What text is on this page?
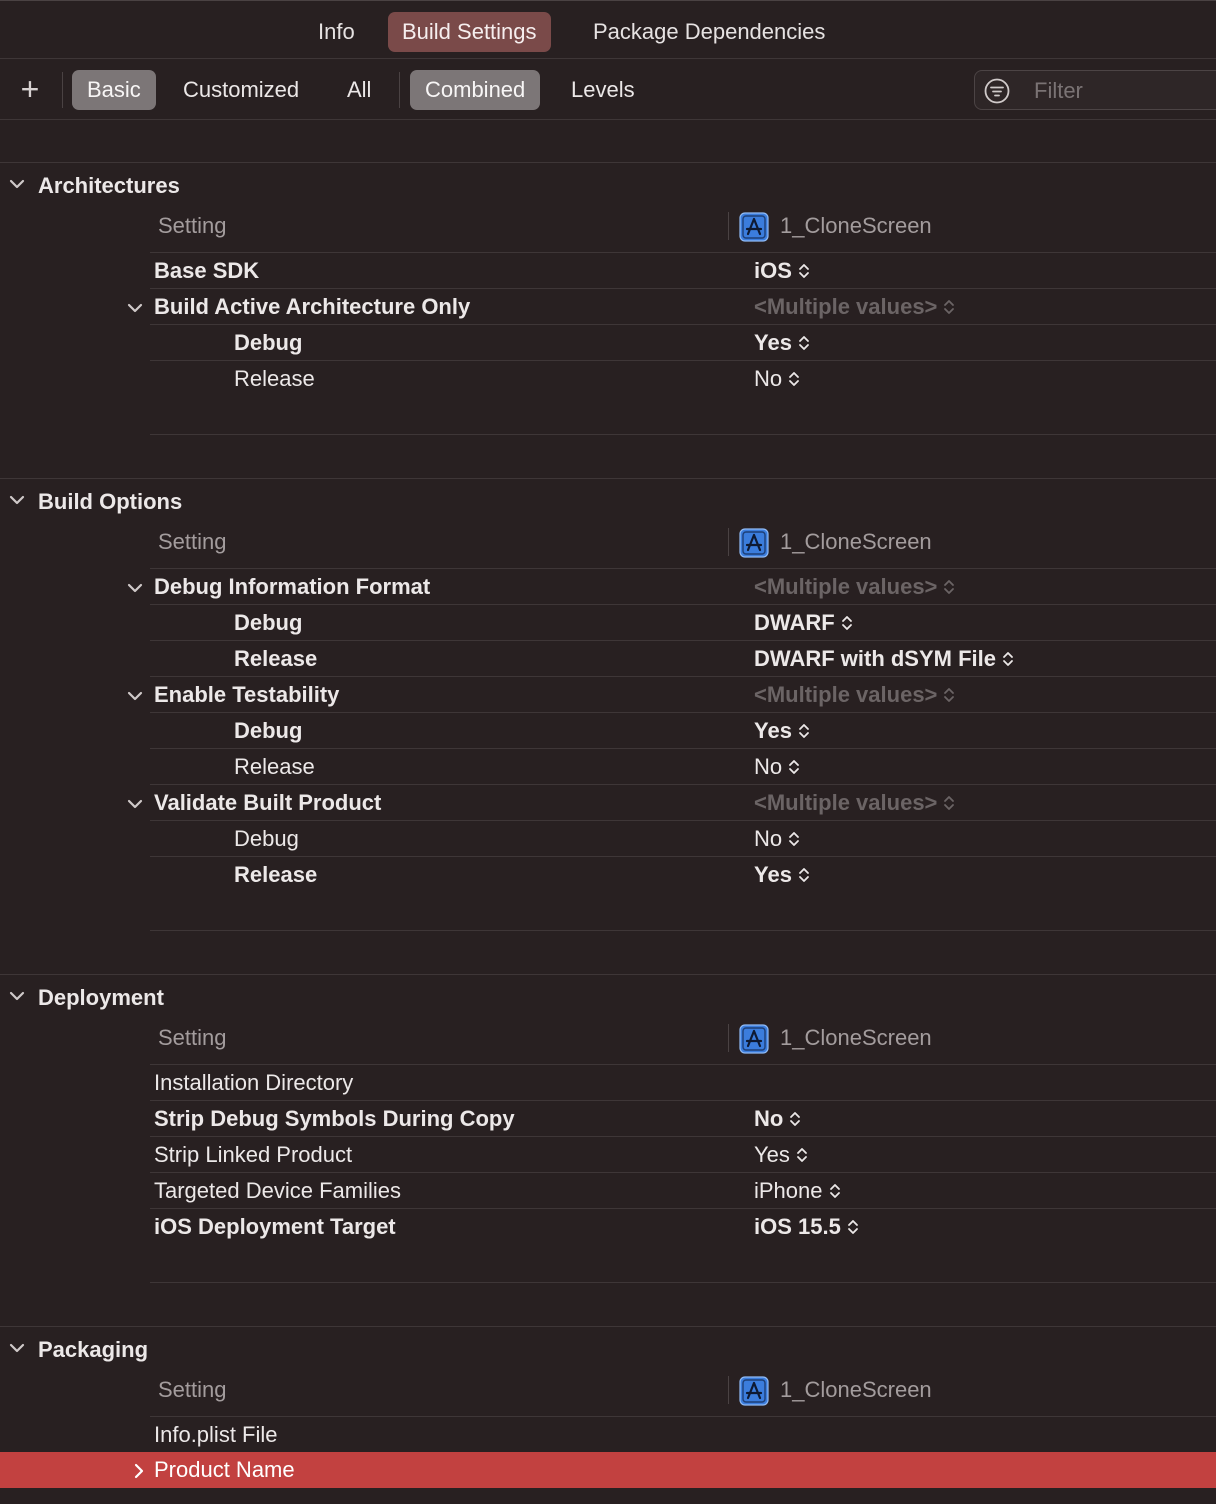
Info	Build Settings	Package Dependencies
+	Basic	Customized	All	Combined	Levels	Filter
Architectures
Setting	1_CloneScreen
Base SDK	iOS
Build Active Architecture Only	<Multiple values>
Debug	Yes
Release	No
Build Options
Setting	1_CloneScreen
Debug Information Format	<Multiple values>
Debug	DWARF
Release	DWARF with dSYM File
Enable Testability	<Multiple values>
Debug	Yes
Release	No
Validate Built Product	<Multiple values>
Debug	No
Release	Yes
Deployment
Setting	1_CloneScreen
Installation Directory
Strip Debug Symbols During Copy	No
Strip Linked Product	Yes
Targeted Device Families	iPhone
iOS Deployment Target	iOS 15.5
Packaging
Setting	1_CloneScreen
Info.plist File
Product Name
